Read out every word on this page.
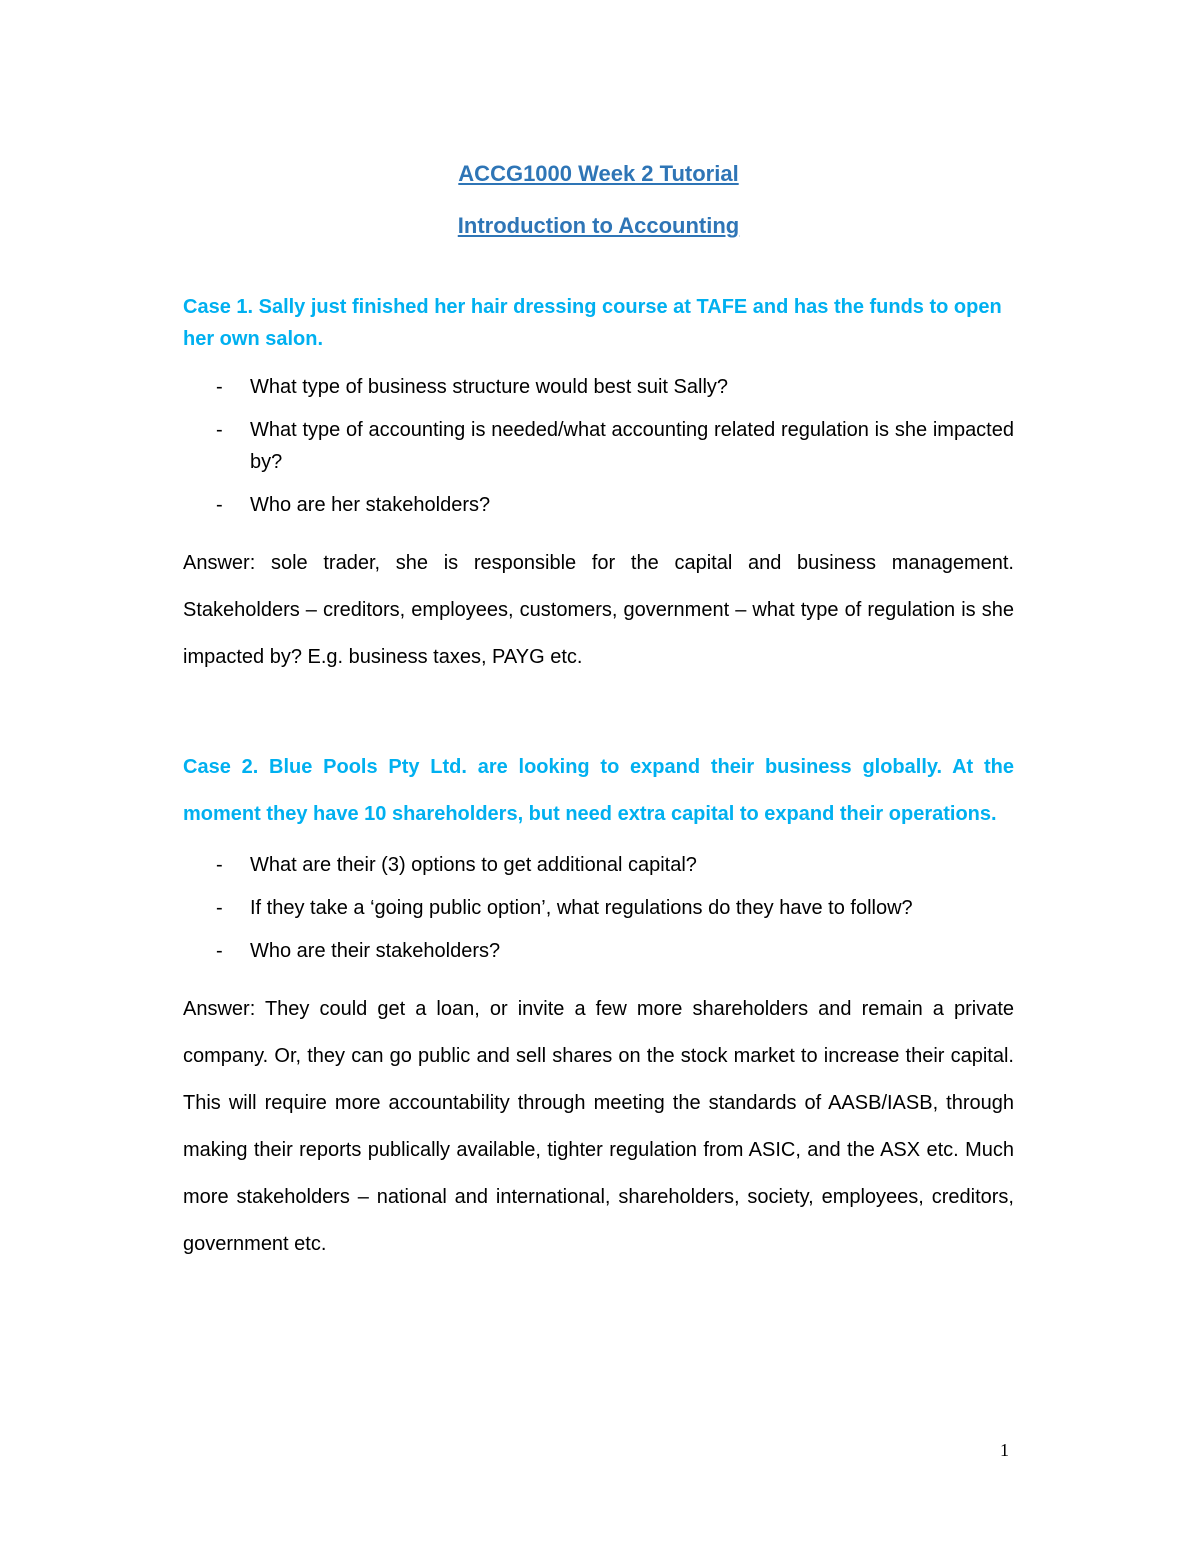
ACCG1000 Week 2 Tutorial

Introduction to Accounting

Case 1. Sally just finished her hair dressing course at TAFE and has the funds to open her own salon.

- What type of business structure would best suit Sally?
- What type of accounting is needed/what accounting related regulation is she impacted by?
- Who are her stakeholders?

Answer: sole trader, she is responsible for the capital and business management. Stakeholders – creditors, employees, customers, government – what type of regulation is she impacted by? E.g. business taxes, PAYG etc.

Case 2. Blue Pools Pty Ltd. are looking to expand their business globally. At the moment they have 10 shareholders, but need extra capital to expand their operations.

- What are their (3) options to get additional capital?
- If they take a ‘going public option’, what regulations do they have to follow?
- Who are their stakeholders?

Answer: They could get a loan, or invite a few more shareholders and remain a private company. Or, they can go public and sell shares on the stock market to increase their capital. This will require more accountability through meeting the standards of AASB/IASB, through making their reports publically available, tighter regulation from ASIC, and the ASX etc. Much more stakeholders – national and international, shareholders, society, employees, creditors, government etc.

1
